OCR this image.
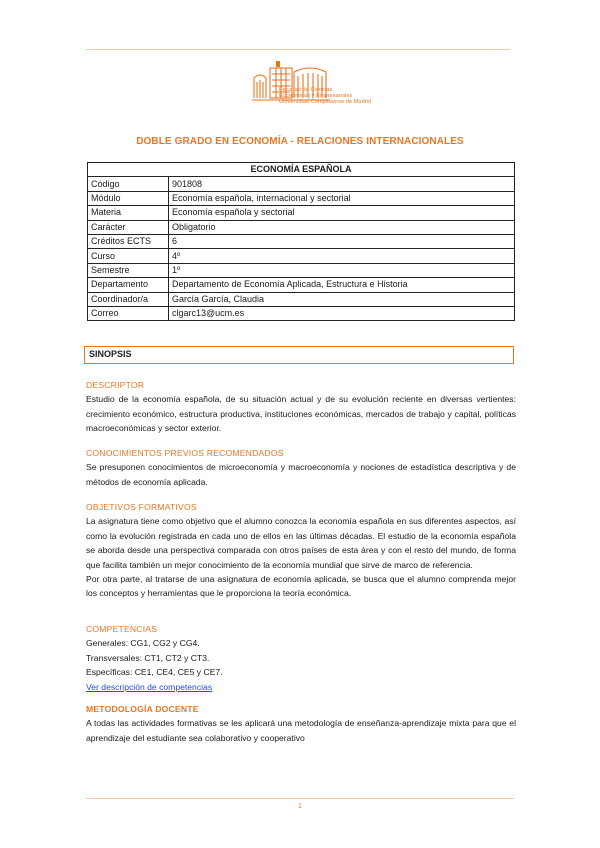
Facultad de Ciencias
Económicas y Empresariales
Universidad Complutense de Madrid
DOBLE GRADO EN ECONOMÍA - RELACIONES INTERNACIONALES
ECONOMÍA ESPAÑOLA	
Código	901808
Módulo	Economía española, internacional y sectorial
Materia	Economía española y sectorial
Carácter	Obligatorio
Créditos ECTS	6
Curso	4º
Semestre	1º
Departamento	Departamento de Economía Aplicada, Estructura e Historia
Coordinador/a	García García, Claudia
Correo	clgarc13@ucm.es
SINOPSIS
DESCRIPTOR

Estudio de la economía española, de su situación actual y de su evolución reciente en diversas vertientes: crecimiento económico, estructura productiva, instituciones económicas, mercados de trabajo y capital, políticas macroeconómicas y sector exterior.

CONOCIMIENTOS PREVIOS RECOMENDADOS

Se presuponen conocimientos de microeconomía y macroeconomía y nociones de estadística descriptiva y de métodos de economía aplicada.

OBJETIVOS FORMATIVOS

La asignatura tiene como objetivo que el alumno conozca la economía española en sus diferentes aspectos, así como la evolución registrada en cada uno de ellos en las últimas décadas. El estudio de la economía española se aborda desde una perspectiva comparada con otros países de esta área y con el resto del mundo, de forma que facilita también un mejor conocimiento de la economía mundial que sirve de marco de referencia.

Por otra parte, al tratarse de una asignatura de economía aplicada, se busca que el alumno comprenda mejor los conceptos y herramientas que le proporciona la teoría económica.

COMPETENCIAS
Generales: CG1, CG2 y CG4.
Transversales: CT1, CT2 y CT3.
Específicas: CE1, CE4, CE5 y CE7.
Ver descripción de competencias
METODOLOGÍA DOCENTE

A todas las actividades formativas se les aplicará una metodología de enseñanza-aprendizaje mixta para que el aprendizaje del estudiante sea colaborativo y cooperativo

1
